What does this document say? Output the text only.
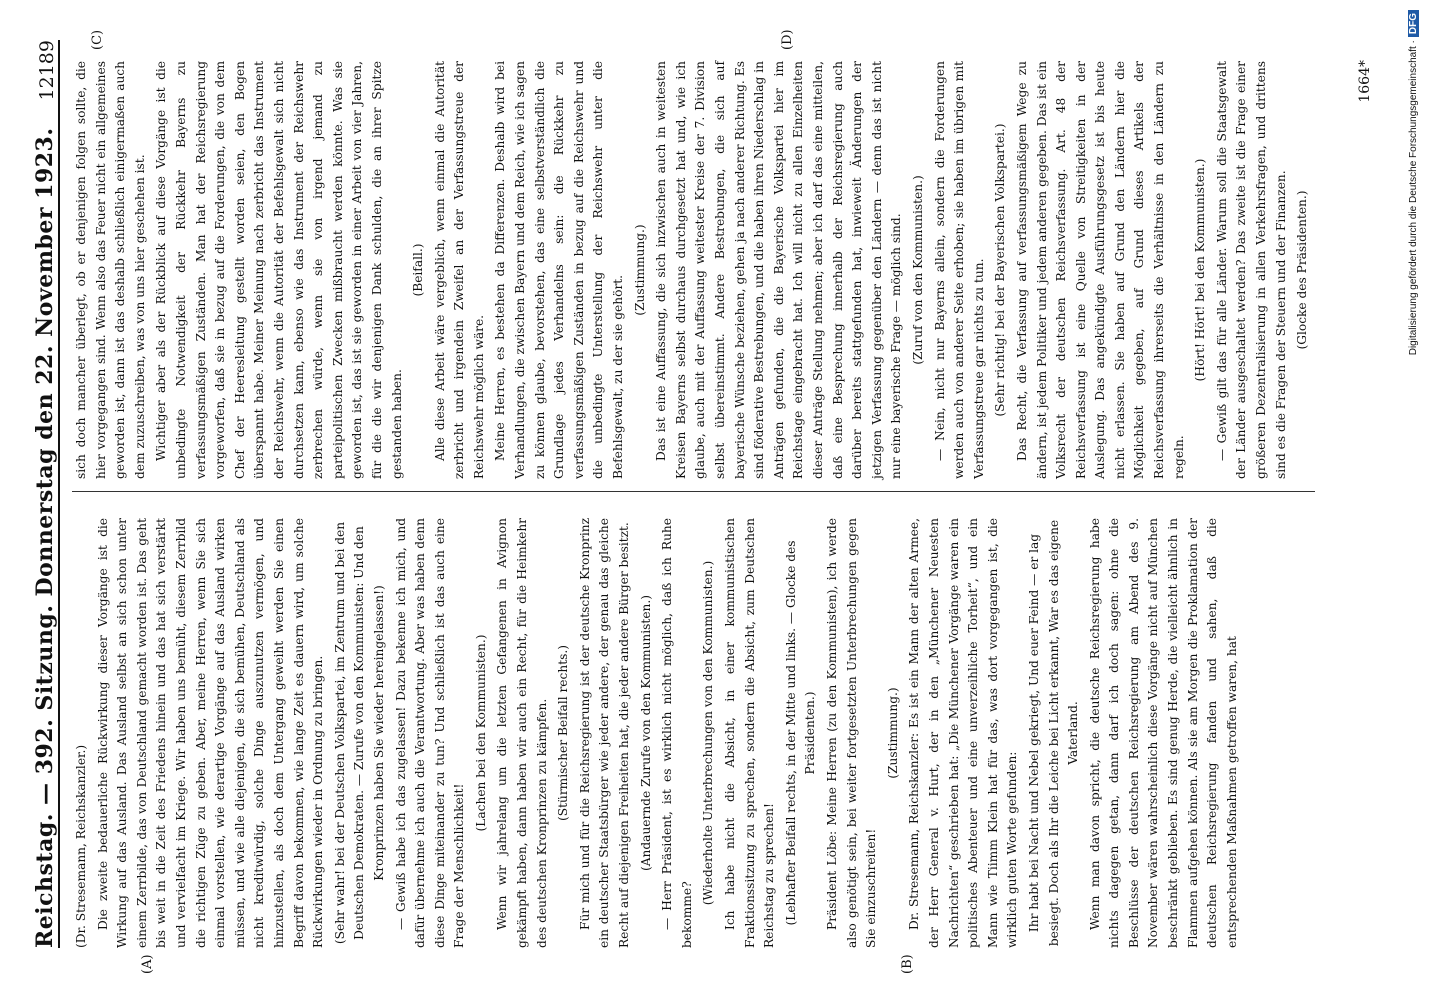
Reichstag. — 392. Sitzung. Donnerstag den 22. November 1923.
12189
(A)	(B)
(C)	(D)

(Dr. Stresemann, Reichskanzler.) Die zweite bedauerliche Rückwirkung dieser Vorgänge ist die Wirkung auf das Ausland. Das Ausland selbst an sich schon unter einem Zerrbilde, das von Deutschland gemacht worden ist. Das geht bis weit in die Zeit des Friedens hinein und das hat sich verstärkt und vervielfacht im Kriege. Wir haben uns bemüht, diesem Zerrbild die richtigen Züge zu geben. Aber, meine Herren, wenn Sie sich einmal vorstellen, wie derartige Vorgänge auf das Ausland wirken müssen, und wie alle diejenigen, die sich bemühen, Deutschland als nicht kreditwürdig, solche Dinge auszunutzen vermögen, und hinzustellen, als doch dem Untergang geweiht werden Sie einen Begriff davon bekommen, wie lange Zeit es dauern wird, um solche Rückwirkungen wieder in Ordnung zu bringen. (Sehr wahr! bei der Deutschen Volkspartei, im Zentrum und bei den Deutschen Demokraten. — Zurufe von den Kommunisten: Und den Kronprinzen haben Sie wieder hereingelassen!) — Gewiß habe ich das zugelassen! Dazu bekenne ich mich, und dafür übernehme ich auch die Verantwortung. Aber was haben denn diese Dinge miteinander zu tun? Und schließlich ist das auch eine Frage der Menschlichkeit!

(Lachen bei den Kommunisten.) Wenn wir jahrelang um die letzten Gefangenen in Avignon gekämpft haben, dann haben wir auch ein Recht, für die Heimkehr des deutschen Kronprinzen zu kämpfen. (Stürmischer Beifall rechts.) Für mich und für die Reichsregierung ist der deutsche Kronprinz ein deutscher Staatsbürger wie jeder andere, der genau das gleiche Recht auf diejenigen Freiheiten hat, die jeder andere Bürger besitzt. (Andauernde Zurufe von den Kommunisten.) — Herr Präsident, ist es wirklich nicht möglich, daß ich Ruhe bekomme?

(Wiederholte Unterbrechungen von den Kommunisten.) Ich habe nicht die Absicht, in einer kommunistischen Fraktionssitzung zu sprechen, sondern die Absicht, zum Deutschen Reichstag zu sprechen! (Lebhafter Beifall rechts, in der Mitte und links. — Glocke des Präsidenten.) Präsident Löbe: Meine Herren (zu den Kommunisten), ich werde also genötigt sein, bei weiter fortgesetzten Unterbrechungen gegen Sie einzuschreiten!

(Zustimmung.) Dr. Stresemann, Reichskanzler: Es ist ein Mann der alten Armee, der Herr General v. Hurt, der in den „Münchener Neuesten Nachrichten“ geschrieben hat: „Die Münchener Vorgänge waren ein politisches Abenteuer und eine unverzeihliche Torheit“, und ein Mann wie Tiimm Klein hat für das, was dort vorgegangen ist, die wirklich guten Worte gefunden: Ihr habt bei Nacht und Nebel gekriegt, Und euer Feind — er lag besiegt. Doch als Ihr die Leiche bei Licht erkannt, War es das eigene Vaterland. Wenn man davon spricht, die deutsche Reichsregierung habe nichts dagegen getan, dann darf ich doch sagen: ohne die Beschlüsse der deutschen Reichsregierung am Abend des 9. November wären wahrscheinlich diese Vorgänge nicht auf München beschränkt geblieben. Es sind genug Herde, die vielleicht ähnlich in Flammen aufgehen können. Als sie am Morgen die Proklamation der deutschen Reichsregierung fanden und sahen, daß die entsprechenden Maßnahmen getroffen waren, hat

sich doch mancher überlegt, ob er denjenigen folgen sollte, die hier vorgegangen sind. Wenn also das Feuer nicht ein allgemeines geworden ist, dann ist das deshalb schließlich einigermaßen auch dem zuzuschreiben, was von uns hier geschehen ist. Wichtiger aber als der Rückblick auf diese Vorgänge ist die unbedingte Notwendigkeit der Rückkehr Bayerns zu verfassungsmäßigen Zuständen. Man hat der Reichsregierung vorgeworfen, daß sie in bezug auf die Forderungen, die von dem Chef der Heeresleitung gestellt worden seien, den Bogen überspannt habe. Meiner Meinung nach zerbricht das Instrument der Reichswehr, wenn die Autorität der Befehlsgewalt sich nicht durchsetzen kann, ebenso wie das Instrument der Reichswehr zerbrechen würde, wenn sie von irgend jemand zu parteipolitischen Zwecken mißbraucht werden könnte. Was sie geworden ist, das ist sie geworden in einer Arbeit von vier Jahren, für die die wir denjenigen Dank schulden, die an ihrer Spitze gestanden haben.

(Beifall.) Alle diese Arbeit wäre vergeblich, wenn einmal die Autorität zerbricht und irgendein Zweifel an der Verfassungstreue der Reichswehr möglich wäre. Meine Herren, es bestehen da Differenzen. Deshalb wird bei Verhandlungen, die zwischen Bayern und dem Reich, wie ich sagen zu können glaube, bevorstehen, das eine selbstverständlich die Grundlage jedes Verhandelns sein: die Rückkehr zu verfassungsmäßigen Zuständen in bezug auf die Reichswehr und die unbedingte Unterstellung der Reichswehr unter die Befehlsgewalt, zu der sie gehört.

(Zustimmung.) Das ist eine Auffassung, die sich inzwischen auch in weitesten Kreisen Bayerns selbst durchaus durchgesetzt hat und, wie ich glaube, auch mit der Auffassung weitester Kreise der 7. Division selbst übereinstimmt. Andere Bestrebungen, die sich auf bayerische Wünsche beziehen, gehen ja nach anderer Richtung. Es sind föderative Bestrebungen, und die haben ihren Niederschlag in Anträgen gefunden, die die Bayerische Volkspartei hier im Reichstage eingebracht hat. Ich will nicht zu allen Einzelheiten dieser Anträge Stellung nehmen; aber ich darf das eine mitteilen, daß eine Besprechung innerhalb der Reichsregierung auch darüber bereits stattgefunden hat, inwieweit Änderungen der jetzigen Verfassung gegenüber den Ländern — denn das ist nicht nur eine bayerische Frage — möglich sind. (Zuruf von den Kommunisten.) — Nein, nicht nur Bayerns allein, sondern die Forderungen werden auch von anderer Seite erhoben; sie haben im übrigen mit Verfassungstreue gar nichts zu tun. (Sehr richtig! bei der Bayerischen Volkspartei.) Das Recht, die Verfassung auf verfassungsmäßigem Wege zu ändern, ist jedem Politiker und jedem anderen gegeben. Das ist ein Volksrecht der deutschen Reichsverfassung. Art. 48 der Reichsverfassung ist eine Quelle von Streitigkeiten in der Auslegung. Das angekündigte Ausführungsgesetz ist bis heute nicht erlassen. Sie haben auf Grund den Ländern hier die Möglichkeit gegeben, auf Grund dieses Artikels der Reichsverfassung ihrerseits die Verhältnisse in den Ländern zu regeln.

(Hört! Hört! bei den Kommunisten.) — Gewiß gilt das für alle Länder. Warum soll die Staatsgewalt der Länder ausgeschaltet werden? Das zweite ist die Frage einer größeren Dezentralisierung in allen Verkehrsfragen, und drittens sind es die Fragen der Steuern und der Finanzen. (Glocke des Präsidenten.)

1664*	Digitalisierung gefördert durch die Deutsche Forschungsgemeinschaft ·DFG
